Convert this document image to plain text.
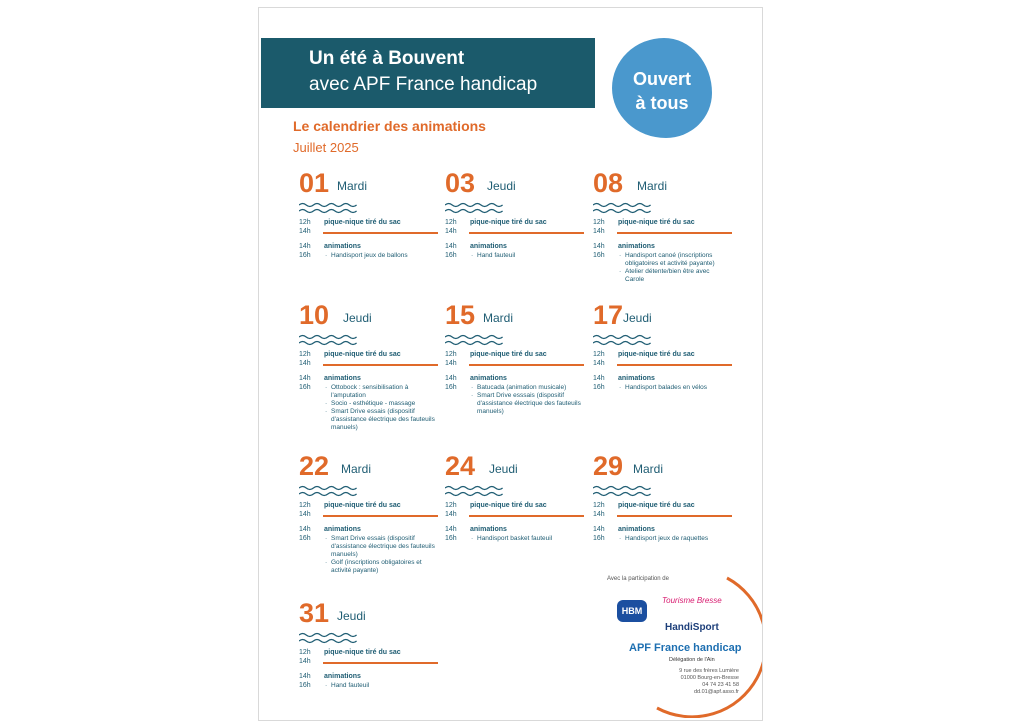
Un été à Bouvent
avec APF France handicap	Ouvert
à tous
Le calendrier des animations
Juillet 2025
01 Mardi
12h
14h
pique-nique tiré du sac
14h
16h
animations
· Handisport jeux de ballons
03 Jeudi
12h
14h
pique-nique tiré du sac
14h
16h
animations
· Hand fauteuil
08 Mardi
12h
14h
pique-nique tiré du sac
14h
16h
animations
· Handisport canoé (inscriptions obligatoires et activité payante)
· Atelier détente/bien être avec Carole
10 Jeudi
12h
14h
pique-nique tiré du sac
14h
16h
animations
· Ottobock : sensibilisation à l'amputation
· Socio - esthétique - massage
· Smart Drive essais (dispositif d'assistance électrique des fauteuils manuels)
15 Mardi
12h
14h
pique-nique tiré du sac
14h
16h
animations
· Batucada (animation musicale)
· Smart Drive esssais (dispositif d'assistance électrique des fauteuils manuels)
17 Jeudi
12h
14h
pique-nique tiré du sac
14h
16h
animations
· Handisport balades en vélos
22 Mardi
12h
14h
pique-nique tiré du sac
14h
16h
animations
· Smart Drive essais (dispositif d'assistance électrique des fauteuils manuels)
· Golf (inscriptions obligatoires et activité payante)
24 Jeudi
12h
14h
pique-nique tiré du sac
14h
16h
animations
· Handisport basket fauteuil
29 Mardi
12h
14h
pique-nique tiré du sac
14h
16h
animations
· Handisport jeux de raquettes
31 Jeudi
12h
14h
pique-nique tiré du sac
14h
16h
animations
· Hand fauteuil
Avec la participation de
HBM
Tourisme Bresse
HandiSport
APF France handicap
Délégation de l'Ain
9 rue des frères Lumière
01000 Bourg-en-Bresse
04 74 23 41 58
dd.01@apf.asso.fr
